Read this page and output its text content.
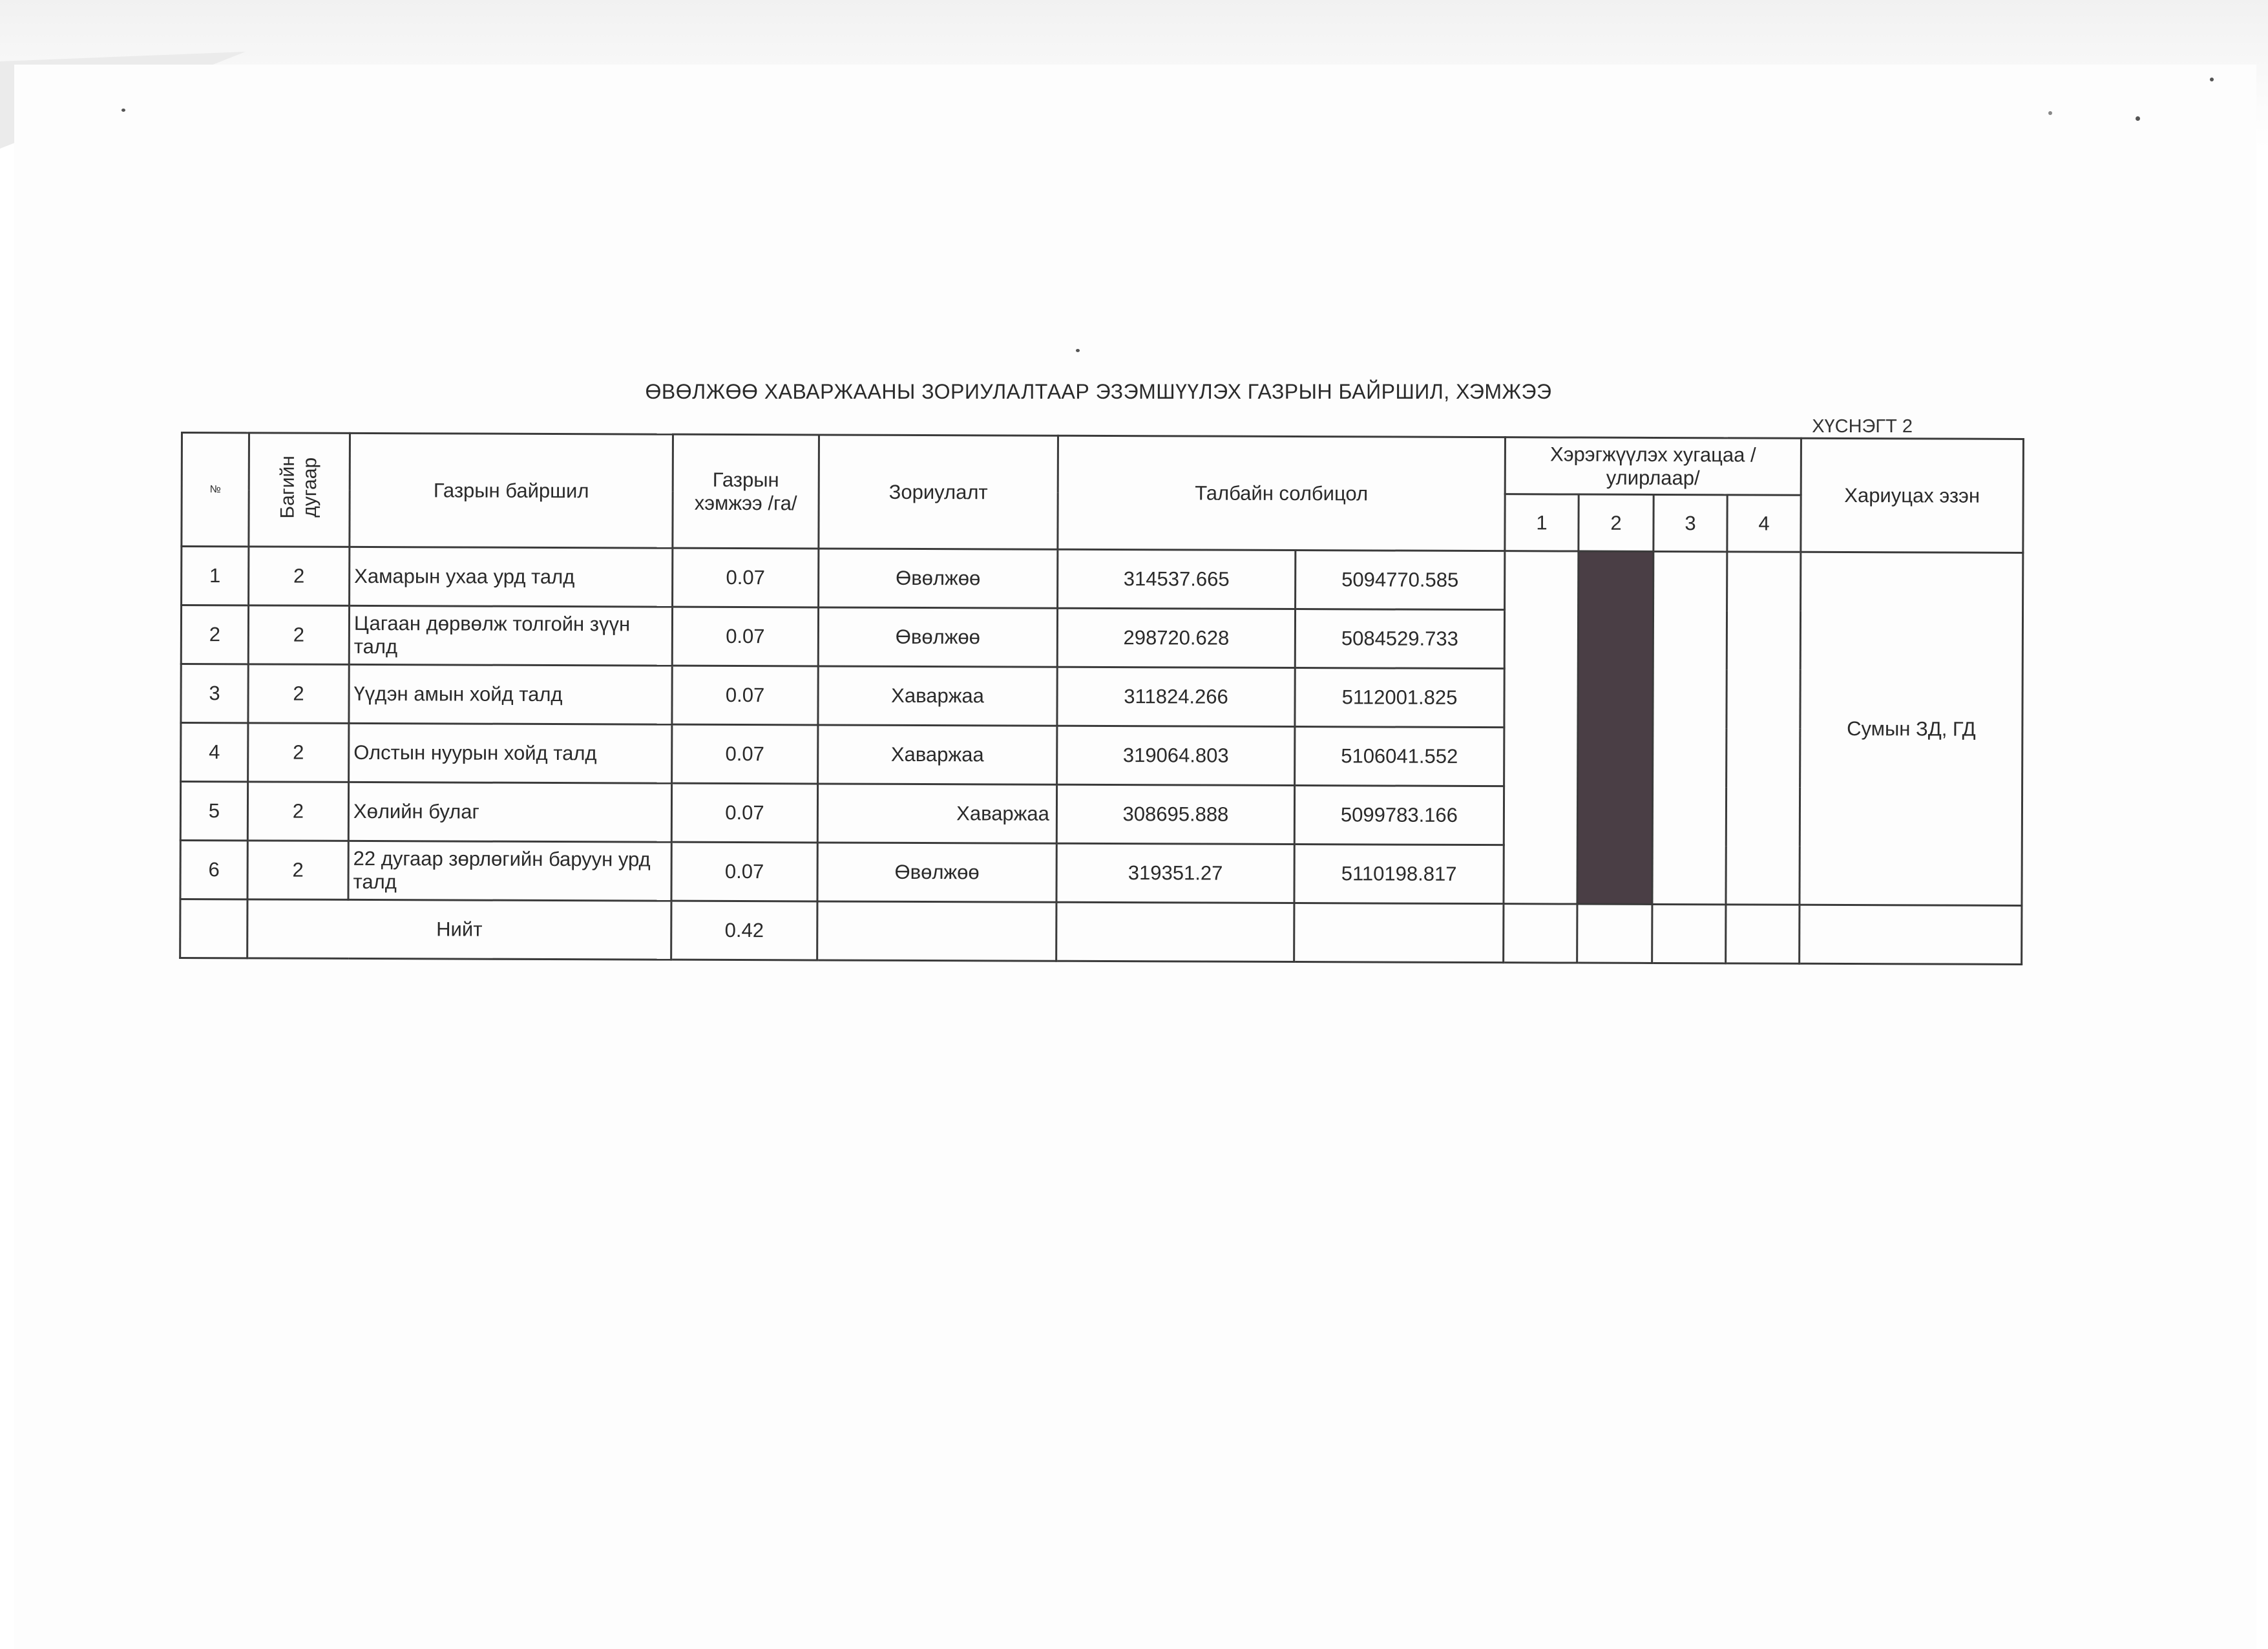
ӨВӨЛЖӨӨ ХАВАРЖААНЫ ЗОРИУЛАЛТААР ЭЗЭМШҮҮЛЭХ ГАЗРЫН БАЙРШИЛ, ХЭМЖЭЭ
ХҮСНЭГТ 2
№	Багийн дугаар	Газрын байршил	Газрын хэмжээ /га/	Зориулалт	Талбайн солбицол		Хэрэгжүүлэх хугацаа /улирлаар/				Хариуцах эзэн
							1	2	3	4	
1	2	Хамарын ухаа урд талд	0.07	Өвөлжөө	314537.665	5094770.585					Сумын ЗД, ГД
2	2	Цагаан дөрвөлж толгойн зүүн талд	0.07	Өвөлжөө	298720.628	5084529.733					
3	2	Үүдэн амын хойд талд	0.07	Хаваржаа	311824.266	5112001.825					
4	2	Олстын нуурын хойд талд	0.07	Хаваржаа	319064.803	5106041.552					
5	2	Хөлийн булаг	0.07	Хаваржаа	308695.888	5099783.166					
6	2	22 дугаар зөрлөгийн баруун урд талд	0.07	Өвөлжөө	319351.27	5110198.817					
	Нийт		0.42								
